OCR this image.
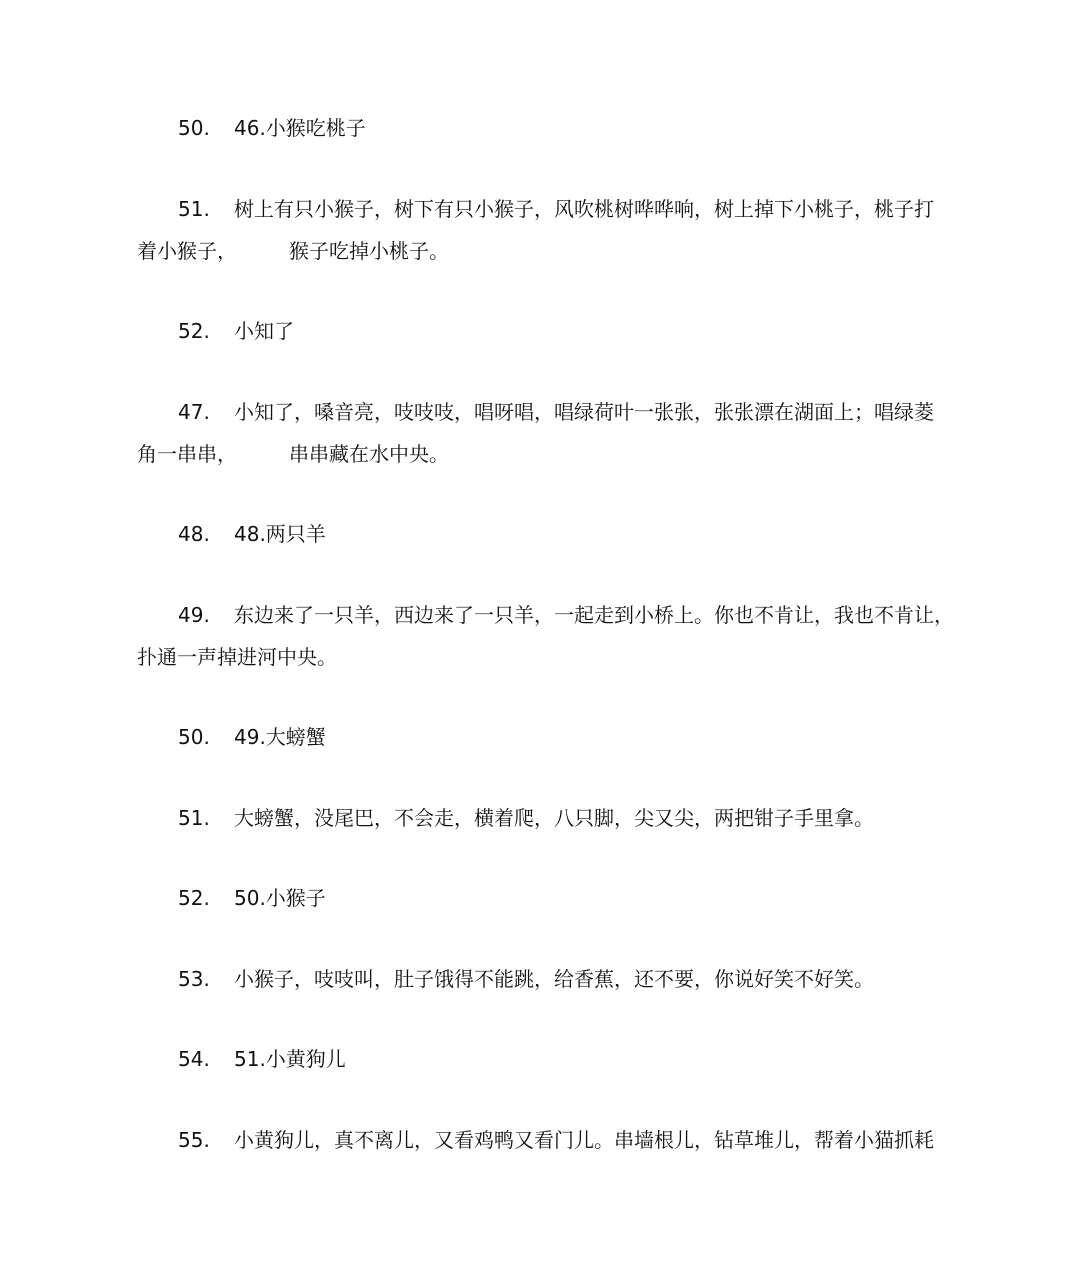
50. 46.小猴吃桃子
51. 树上有只小猴子，树下有只小猴子，风吹桃树哗哗响，树上掉下小桃子，桃子打
着小猴子，	猴子吃掉小桃子。
52. 小知了
47. 小知了，嗓音亮，吱吱吱，唱呀唱，唱绿荷叶一张张，张张漂在湖面上；唱绿菱
角一串串，	串串藏在水中央。
48. 48.两只羊
49. 东边来了一只羊，西边来了一只羊，一起走到小桥上。你也不肯让，我也不肯让，
扑通一声掉进河中央。
50. 49.大螃蟹
51. 大螃蟹，没尾巴，不会走，横着爬，八只脚，尖又尖，两把钳子手里拿。
52. 50.小猴子
53. 小猴子，吱吱叫，肚子饿得不能跳，给香蕉，还不要，你说好笑不好笑。
54. 51.小黄狗儿
55. 小黄狗儿，真不离儿，又看鸡鸭又看门儿。串墙根儿，钻草堆儿，帮着小猫抓耗
